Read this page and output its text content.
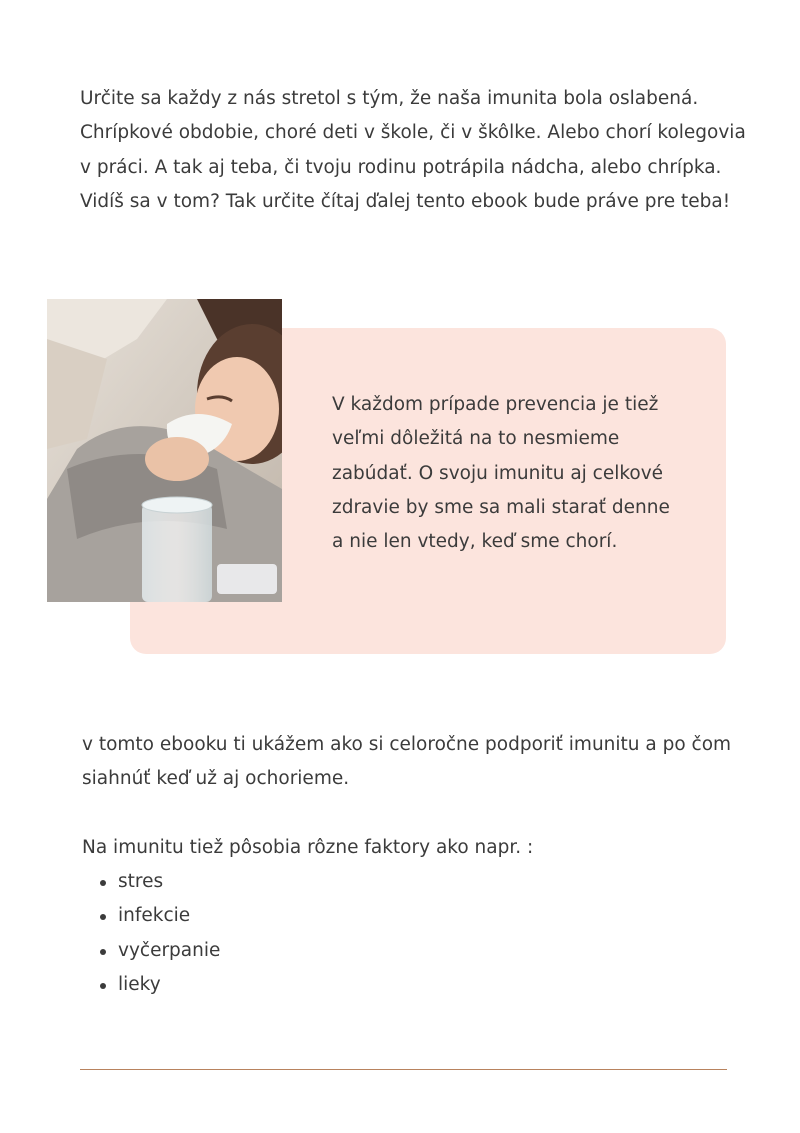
Určite sa každy z nás stretol s tým, že naša imunita bola oslabená. Chrípkové obdobie, choré deti v škole, či v škôlke. Alebo chorí kolegovia v práci. A tak aj teba, či tvoju rodinu potrápila nádcha, alebo chrípka. Vidíš sa v tom? Tak určite čítaj ďalej tento ebook bude práve pre teba!

V každom prípade prevencia je tiež veľmi dôležitá na to nesmieme zabúdať. O svoju imunitu aj celkové zdravie by sme sa mali starať denne a nie len vtedy, keď sme chorí.

v tomto ebooku ti ukážem ako si celoročne podporiť imunitu a po čom siahnúť keď už aj ochorieme.

Na imunitu tiež pôsobia rôzne faktory ako napr. :

stres
infekcie
vyčerpanie
lieky
